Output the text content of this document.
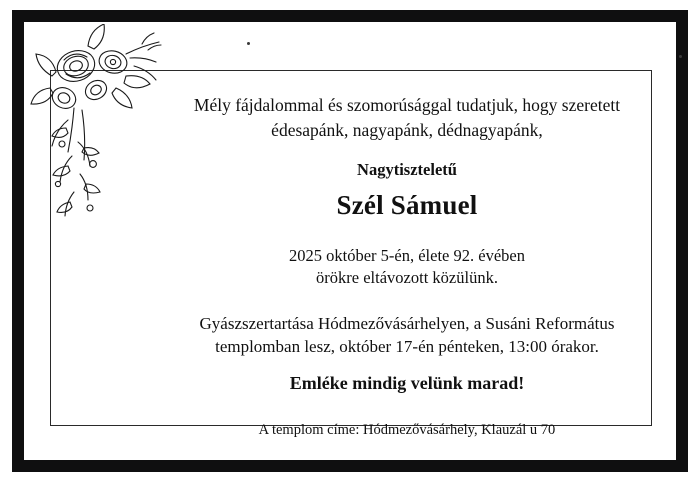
Mély fájdalommal és szomorúsággal tudatjuk, hogy szeretett
édesapánk, nagyapánk, dédnagyapánk,
Nagytiszteletű
Szél Sámuel
2025 október 5-én, élete 92. évében
örökre eltávozott közülünk.
Gyászszertartása Hódmezővásárhelyen, a Susáni Református
templomban lesz, október 17-én pénteken, 13:00 órakor.
Emléke mindig velünk marad!
A templom címe: Hódmezővásárhely, Klauzál u 70
